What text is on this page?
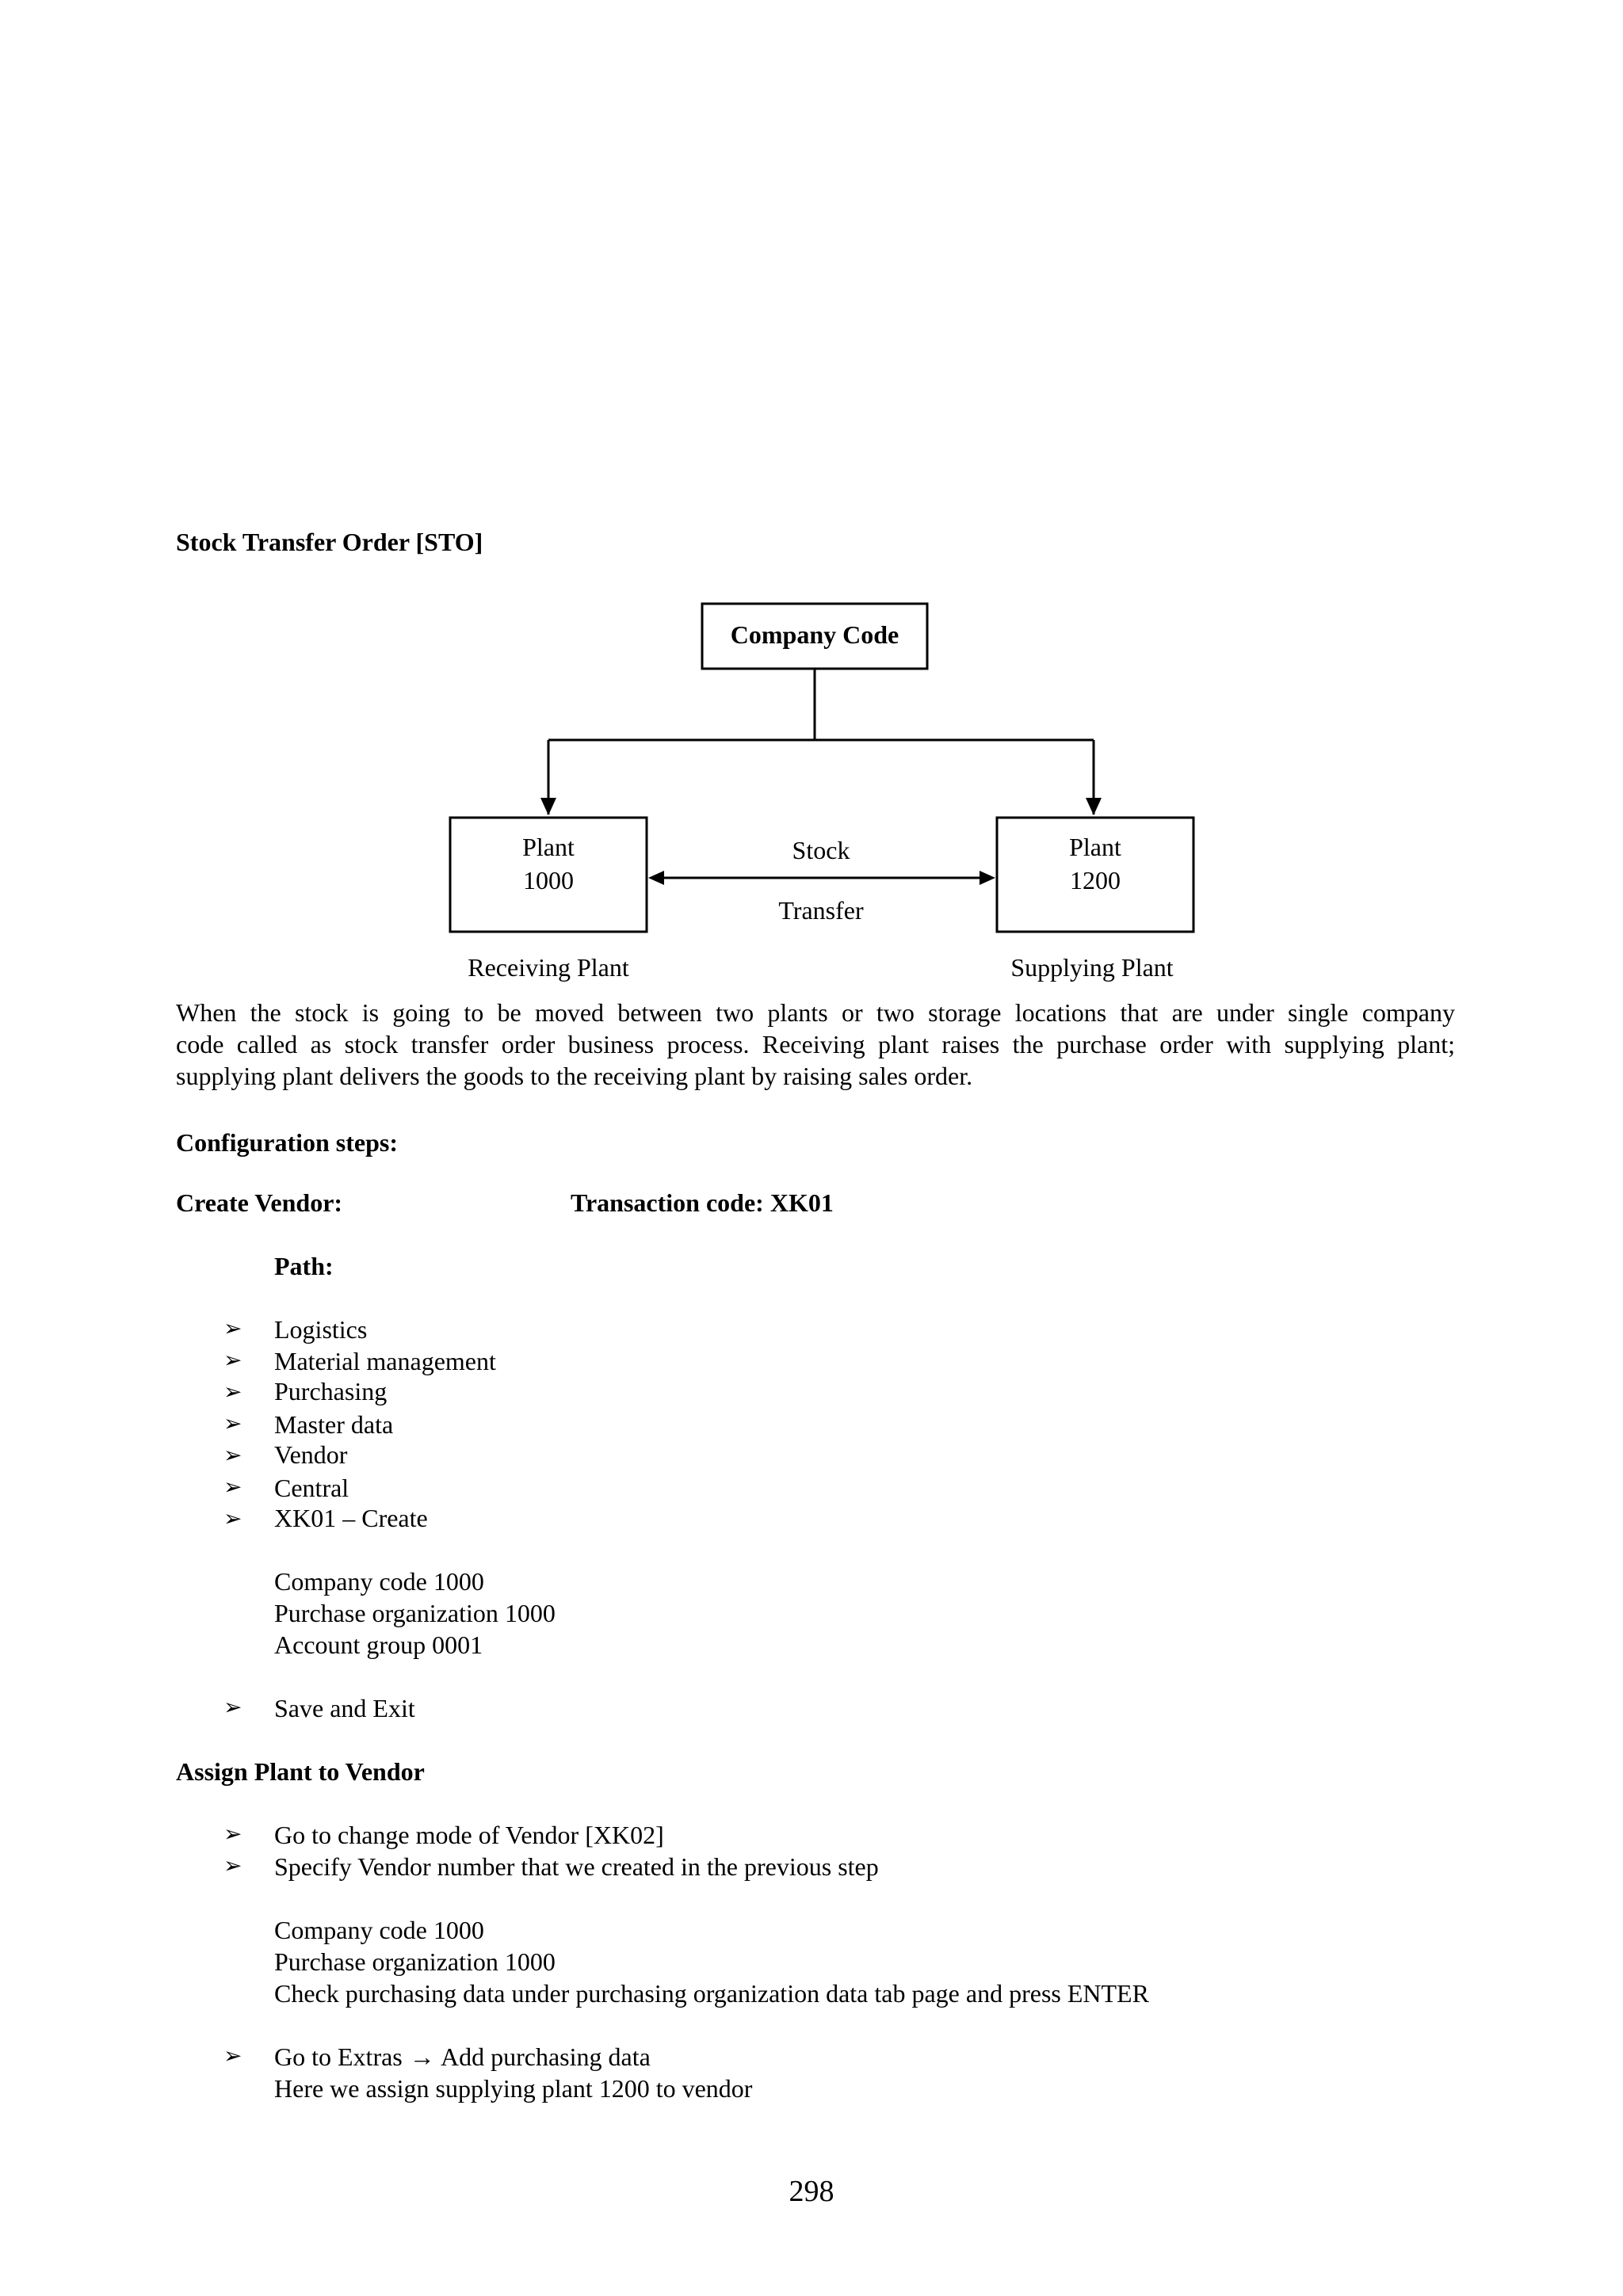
Stock Transfer Order [STO]
Company Code
Plant
1000
Plant
1200
Stock
Transfer
Receiving Plant	Supplying Plant
When the stock is going to be moved between two plants or two storage locations that are under single company
code called as stock transfer order business process. Receiving plant raises the purchase order with supplying plant;
supplying plant delivers the goods to the receiving plant by raising sales order.
Configuration steps:
Create Vendor:	Transaction code: XK01
Path:
➢ Logistics
➢ Material management
➢ Purchasing
➢ Master data
➢ Vendor
➢ Central
➢ XK01 – Create
Company code 1000
Purchase organization 1000
Account group 0001
➢ Save and Exit
Assign Plant to Vendor
➢ Go to change mode of Vendor [XK02]
➢ Specify Vendor number that we created in the previous step
Company code 1000
Purchase organization 1000
Check purchasing data under purchasing organization data tab page and press ENTER
➢ Go to Extras → Add purchasing data
Here we assign supplying plant 1200 to vendor
298
